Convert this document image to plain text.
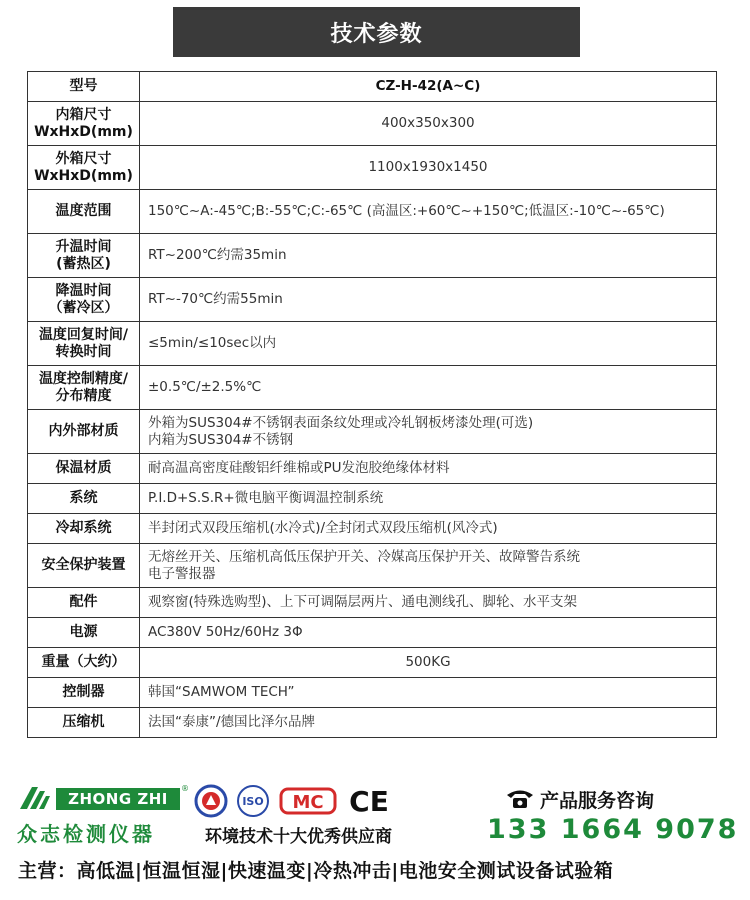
技术参数
型号	CZ-H-42(A~C)
内箱尺寸
WxHxD(mm)	400x350x300
外箱尺寸
WxHxD(mm)	1100x1930x1450
温度范围	150℃~A:-45℃;B:-55℃;C:-65℃ (高温区:+60℃~+150℃;低温区:-10℃~-65℃)
升温时间
(蓄热区)	RT~200℃约需35min
降温时间
（蓄冷区）	RT~-70℃约需55min
温度回复时间/
转换时间	≤5min/≤10sec以内
温度控制精度/
分布精度	±0.5℃/±2.5%℃
内外部材质	外箱为SUS304#不锈钢表面条纹处理或冷轧钢板烤漆处理(可选)
内箱为SUS304#不锈钢
保温材质	耐高温高密度硅酸铝纤维棉或PU发泡胶绝缘体材料
系统	P.I.D+S.S.R+微电脑平衡调温控制系统
冷却系统	半封闭式双段压缩机(水冷式)/全封闭式双段压缩机(风冷式)
安全保护装置	无熔丝开关、压缩机高低压保护开关、冷媒高压保护开关、故障警告系统
电子警报器
配件	观察窗(特殊选购型)、上下可调隔层两片、通电测线孔、脚轮、水平支架
电源	AC380V 50Hz/60Hz 3Φ
重量（大约）	500KG
控制器	韩国“SAMWOM TECH”
压缩机	法国“泰康”/德国比泽尔品牌
ZHONG ZHI
®
众志检测仪器
ISO MC CE
环境技术十大优秀供应商
产品服务咨询
133 1664 9078
主营：高低温|恒温恒湿|快速温变|冷热冲击|电池安全测试设备试验箱
